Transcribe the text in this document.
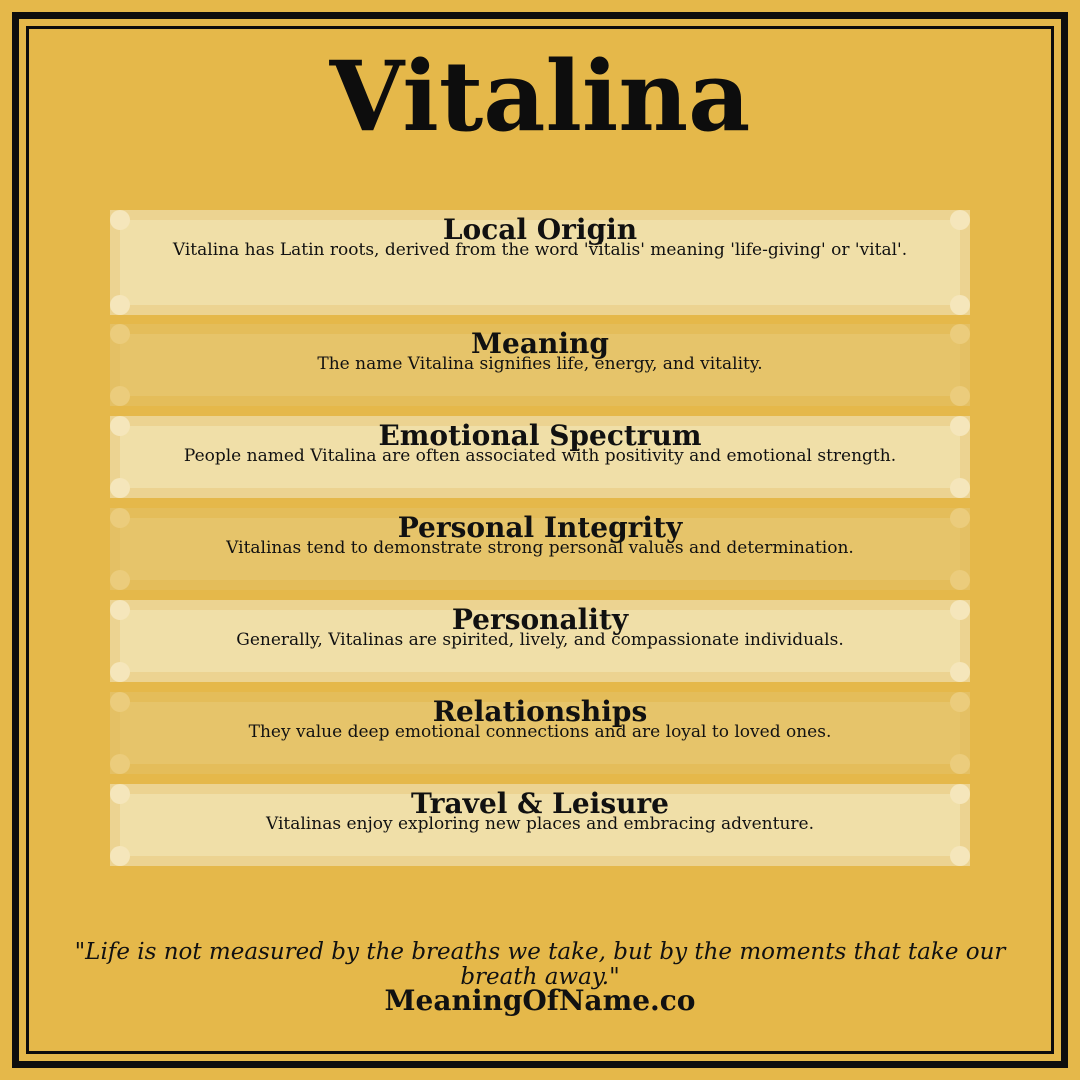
Vitalina
Local Origin
Vitalina has Latin roots, derived from the word 'vitalis' meaning 'life-giving' or 'vital'.
Meaning
The name Vitalina signifies life, energy, and vitality.
Emotional Spectrum
People named Vitalina are often associated with positivity and emotional strength.
Personal Integrity
Vitalinas tend to demonstrate strong personal values and determination.
Personality
Generally, Vitalinas are spirited, lively, and compassionate individuals.
Relationships
They value deep emotional connections and are loyal to loved ones.
Travel & Leisure
Vitalinas enjoy exploring new places and embracing adventure.
"Life is not measured by the breaths we take, but by the moments that take our breath away."
MeaningOfName.co
